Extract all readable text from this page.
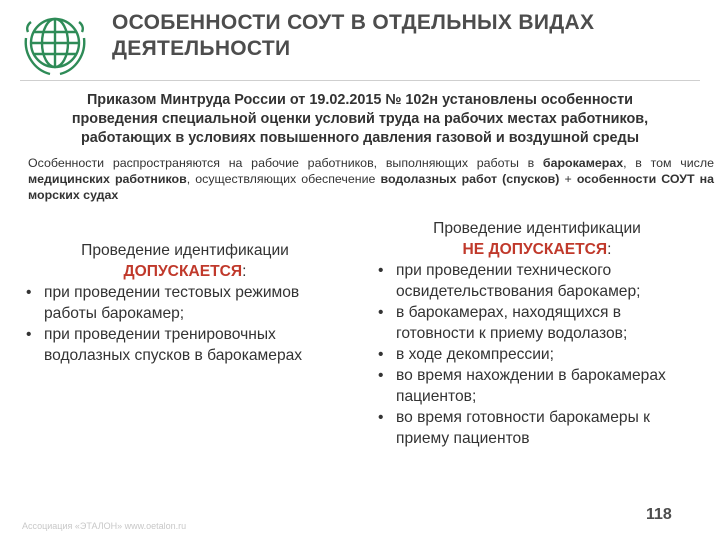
ОСОБЕННОСТИ СОУТ В ОТДЕЛЬНЫХ ВИДАХ
ДЕЯТЕЛЬНОСТИ
Приказом Минтруда России от 19.02.2015 № 102н установлены особенности
проведения специальной оценки условий труда на рабочих местах работников,
работающих в условиях повышенного давления газовой и воздушной среды
Особенности распространяются на рабочие работников, выполняющих работы в барокамерах, в том числе медицинских работников, осуществляющих обеспечение водолазных работ (спусков) + особенности СОУТ на морских судах
Проведение идентификации
ДОПУСКАЕТСЯ:
• при проведении тестовых режимов работы барокамер;
• при проведении тренировочных водолазных спусков в барокамерах
Проведение идентификации
НЕ ДОПУСКАЕТСЯ:
• при проведении технического освидетельствования барокамер;
• в барокамерах, находящихся в готовности к приему водолазов;
• в ходе декомпрессии;
• во время нахождении в барокамерах пациентов;
• во время готовности барокамеры к приему пациентов
Ассоциация «ЭТАЛОН» www.oetalon.ru
118
